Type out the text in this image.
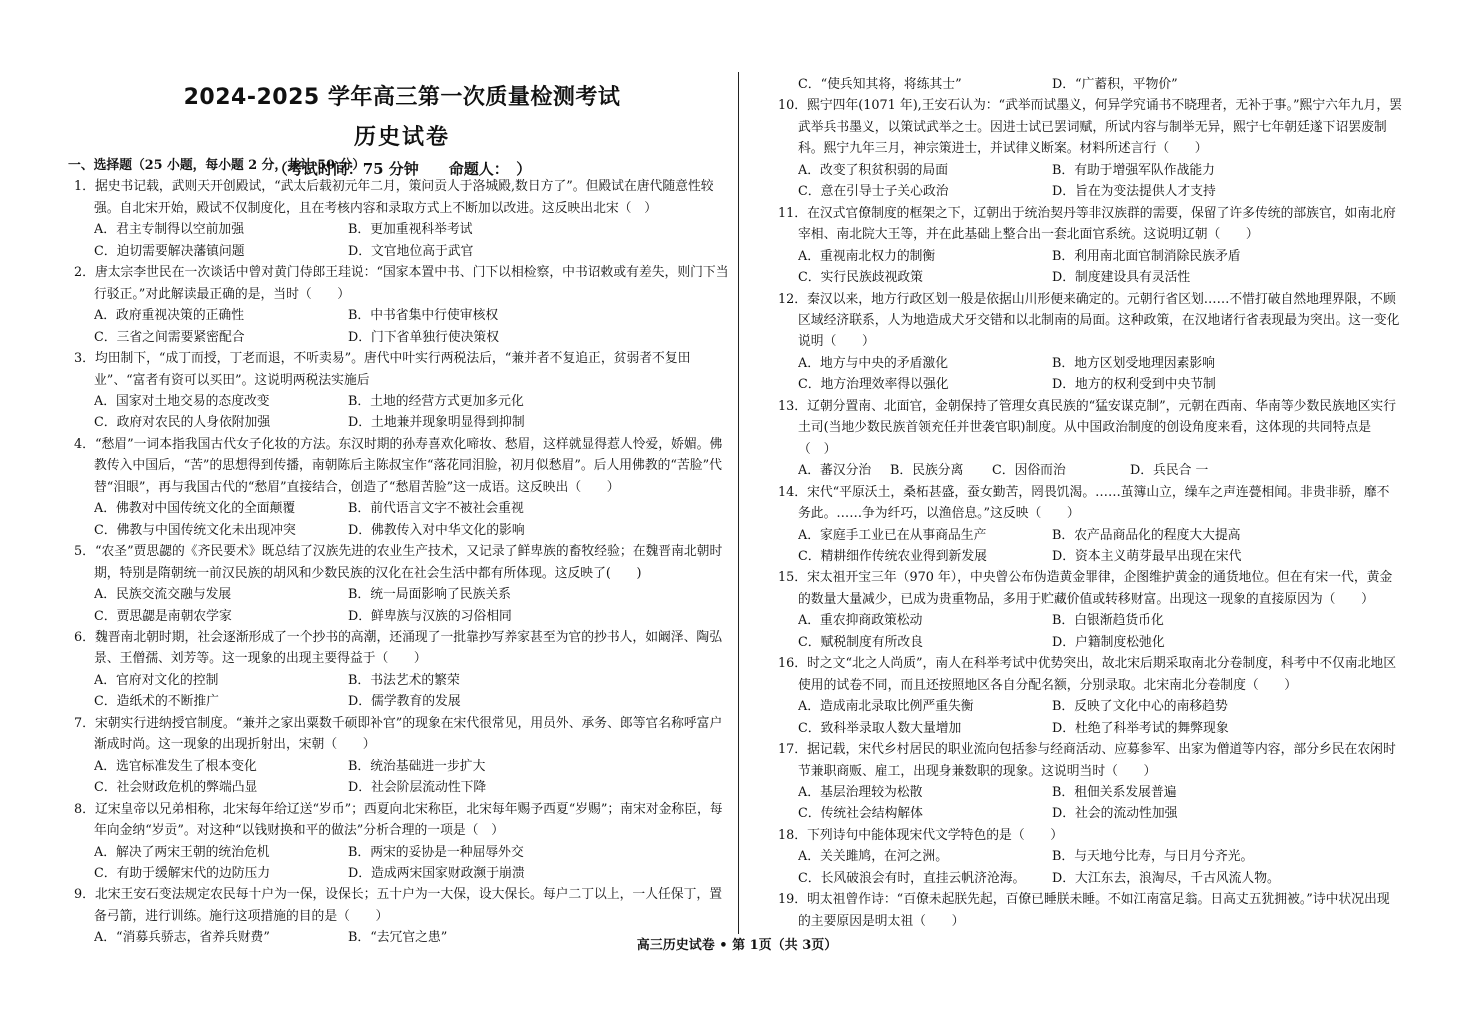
2024-2025 学年高三第一次质量检测考试
历史试卷
（考试时间：75 分钟　　命题人：　）
一、选择题（25 小题，每小题 2 分，共计 50 分）
1．据史书记载，武则天开创殿试，“武太后载初元年二月，策问贡人于洛城殿,数日方了”。但殿试在唐代随意性较强。自北宋开始，殿试不仅制度化，且在考核内容和录取方式上不断加以改进。这反映出北宋（　）
A．君主专制得以空前加强	B．更加重视科举考试
C．迫切需要解决藩镇问题	D．文官地位高于武官
2．唐太宗李世民在一次谈话中曾对黄门侍郎王珪说：“国家本置中书、门下以相检察，中书诏敕或有差失，则门下当行驳正。”对此解读最正确的是，当时（　　）
A．政府重视决策的正确性	B．中书省集中行使审核权
C．三省之间需要紧密配合	D．门下省单独行使决策权
3．均田制下，“成丁而授，丁老而退，不听卖易”。唐代中叶实行两税法后，“兼并者不复追正，贫弱者不复田业”、“富者有资可以买田”。这说明两税法实施后
A．国家对土地交易的态度改变	B．土地的经营方式更加多元化
C．政府对农民的人身依附加强	D．土地兼并现象明显得到抑制
4．“愁眉”一词本指我国古代女子化妆的方法。东汉时期的孙寿喜欢化啼妆、愁眉，这样就显得惹人怜爱，娇媚。佛教传入中国后，“苦”的思想得到传播，南朝陈后主陈叔宝作“落花同泪脸，初月似愁眉”。后人用佛教的“苦脸”代替“泪眼”，再与我国古代的“愁眉”直接结合，创造了“愁眉苦脸”这一成语。这反映出（　　）
A．佛教对中国传统文化的全面颠覆	B．前代语言文字不被社会重视
C．佛教与中国传统文化未出现冲突	D．佛教传入对中华文化的影响
5．“农圣”贾思勰的《齐民要术》既总结了汉族先进的农业生产技术，又记录了鲜卑族的畜牧经验；在魏晋南北朝时期，特别是隋朝统一前汉民族的胡风和少数民族的汉化在社会生活中都有所体现。这反映了(　　)
A．民族交流交融与发展	B．统一局面影响了民族关系
C．贾思勰是南朝农学家	D．鲜卑族与汉族的习俗相同
6．魏晋南北朝时期，社会逐渐形成了一个抄书的高潮，还涌现了一批靠抄写养家甚至为官的抄书人，如阚泽、陶弘景、王僧孺、刘芳等。这一现象的出现主要得益于（　　）
A．官府对文化的控制	B．书法艺术的繁荣
C．造纸术的不断推广	D．儒学教育的发展
7．宋朝实行进纳授官制度。“兼并之家出粟数千硕即补官”的现象在宋代很常见，用员外、承务、郎等官名称呼富户渐成时尚。这一现象的出现折射出，宋朝（　　）
A．选官标准发生了根本变化	B．统治基础进一步扩大
C．社会财政危机的弊端凸显	D．社会阶层流动性下降
8．辽宋皇帝以兄弟相称，北宋每年给辽送“岁币”；西夏向北宋称臣，北宋每年赐予西夏“岁赐”；南宋对金称臣，每年向金纳“岁贡”。对这种“以钱财换和平的做法”分析合理的一项是（　）
A．解决了两宋王朝的统治危机	B．两宋的妥协是一种屈辱外交
C．有助于缓解宋代的边防压力	D．造成两宋国家财政濒于崩溃
9．北宋王安石变法规定农民每十户为一保，设保长；五十户为一大保，设大保长。每户二丁以上，一人任保丁，置备弓箭，进行训练。施行这项措施的目的是（　　）
A．“消募兵骄志，省养兵财费”	B．“去冗官之患”
C．“使兵知其将，将练其士”	D．“广蓄积，平物价”
10．熙宁四年(1071 年),王安石认为：“武举而试墨义，何异学究诵书不晓理者，无补于事。”熙宁六年九月，罢武举兵书墨义，以策试武举之士。因进士试已罢词赋，所试内容与制举无异，熙宁七年朝廷遂下诏罢废制科。熙宁九年三月，神宗策进士，并试律义断案。材料所述言行（　　）
A．改变了积贫积弱的局面	B．有助于增强军队作战能力
C．意在引导士子关心政治	D．旨在为变法提供人才支持
11．在汉式官僚制度的框架之下，辽朝出于统治契丹等非汉族群的需要，保留了许多传统的部族官，如南北府宰相、南北院大王等，并在此基础上整合出一套北面官系统。这说明辽朝（　　）
A．重视南北权力的制衡	B．利用南北面官制消除民族矛盾
C．实行民族歧视政策	D．制度建设具有灵活性
12．秦汉以来，地方行政区划一般是依据山川形便来确定的。元朝行省区划……不惜打破自然地理界限，不顾区域经济联系，人为地造成犬牙交错和以北制南的局面。这种政策，在汉地诸行省表现最为突出。这一变化说明（　　）
A．地方与中央的矛盾激化	B．地方区划受地理因素影响
C．地方治理效率得以强化	D．地方的权利受到中央节制
13．辽朝分置南、北面官，金朝保持了管理女真民族的“猛安谋克制”，元朝在西南、华南等少数民族地区实行土司(当地少数民族首领充任并世袭官职)制度。从中国政治制度的创设角度来看，这体现的共同特点是（　）
A．蕃汉分治	B．民族分离	C．因俗而治	D．兵民合 一
14．宋代“平原沃土，桑柘甚盛，蚕女勤苦，罔畏饥渴。……茧簿山立，缲车之声连甍相闻。非贵非骄，靡不务此。……争为纤巧，以渔倍息。”这反映（　　）
A．家庭手工业已在从事商品生产	B．农产品商品化的程度大大提高
C．精耕细作传统农业得到新发展	D．资本主义萌芽最早出现在宋代
15．宋太祖开宝三年（970 年），中央曾公布伪造黄金罪律，企图维护黄金的通货地位。但在有宋一代，黄金的数量大量减少，已成为贵重物品，多用于贮藏价值或转移财富。出现这一现象的直接原因为（　　）
A．重农抑商政策松动	B．白银渐趋货币化
C．赋税制度有所改良	D．户籍制度松弛化
16．时之文“北之人尚质”，南人在科举考试中优势突出，故北宋后期采取南北分卷制度，科考中不仅南北地区使用的试卷不同，而且还按照地区各自分配名额，分别录取。北宋南北分卷制度（　　）
A．造成南北录取比例严重失衡	B．反映了文化中心的南移趋势
C．致科举录取人数大量增加	D．杜绝了科举考试的舞弊现象
17．据记载，宋代乡村居民的职业流向包括参与经商活动、应募参军、出家为僧道等内容，部分乡民在农闲时节兼职商贩、雇工，出现身兼数职的现象。这说明当时（　　）
A．基层治理较为松散	B．租佃关系发展普遍
C．传统社会结构解体	D．社会的流动性加强
18．下列诗句中能体现宋代文学特色的是（　　）
A．关关雎鸠，在河之洲。	B．与天地兮比寿，与日月兮齐光。
C．长风破浪会有时，直挂云帆济沧海。	D．大江东去，浪淘尽，千古风流人物。
19．明太祖曾作诗：“百僚未起朕先起，百僚已睡朕未睡。不如江南富足翁。日高丈五犹拥被。”诗中状况出现的主要原因是明太祖（　　）
高三历史试卷 • 第 1页（共 3页）
